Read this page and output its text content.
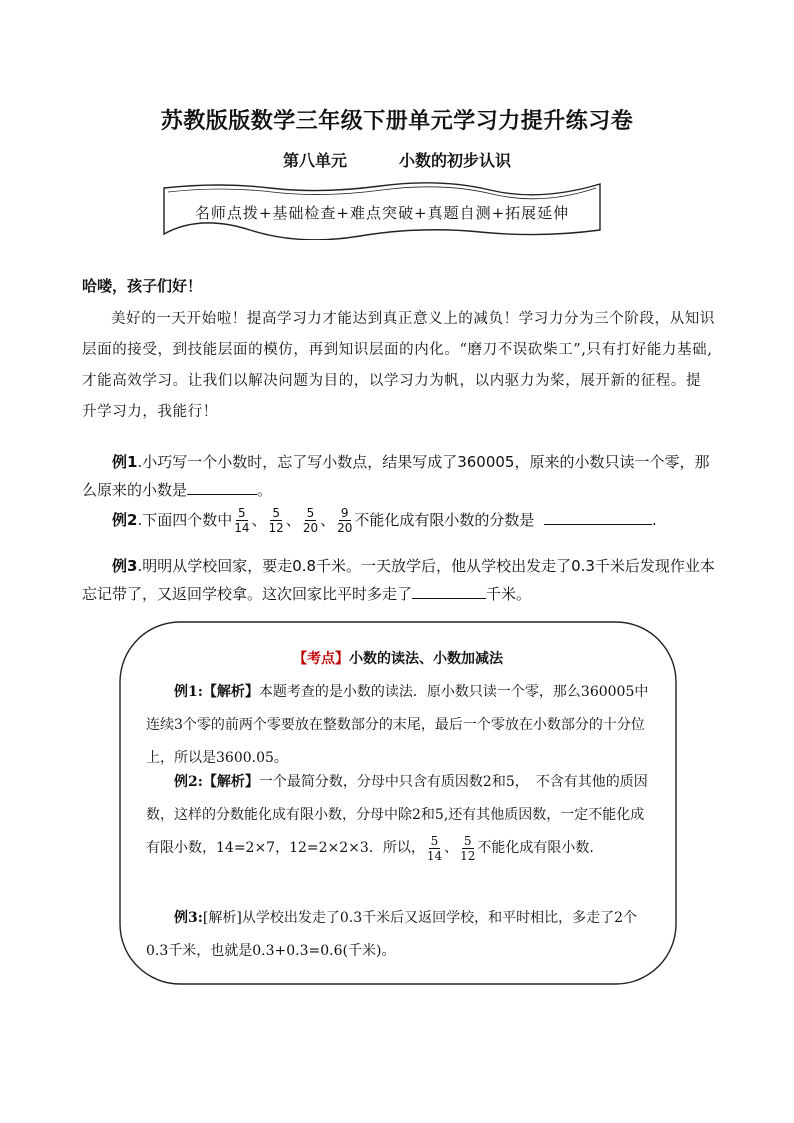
苏教版版数学三年级下册单元学习力提升练习卷
第八单元	小数的初步认识
名师点拨+基础检查+难点突破+真题自测+拓展延伸
哈喽，孩子们好！
美好的一天开始啦！提高学习力才能达到真正意义上的减负！学习力分为三个阶段，从知识层面的接受，到技能层面的模仿，再到知识层面的内化。“磨刀不误砍柴工”,只有打好能力基础,才能高效学习。让我们以解决问题为目的，以学习力为帆，以内驱力为桨，展开新的征程。提升学习力，我能行！
例1.小巧写一个小数时，忘了写小数点，结果写成了360005，原来的小数只读一个零，那么原来的小数是	。
例2.下面四个数中 $\frac{5}{14}$ 、 $\frac{5}{12}$ 、 $\frac{5}{20}$ 、 $\frac{9}{20}$ 不能化成有限小数的分数是	.
例3.明明从学校回家，要走0.8千米。一天放学后，他从学校出发走了0.3千米后发现作业本忘记带了，又返回学校拿。这次回家比平时多走了	千米。
【考点】小数的读法、小数加减法
例1:【解析】本题考查的是小数的读法．原小数只读一个零，那么360005中连续3个零的前两个零要放在整数部分的末尾，最后一个零放在小数部分的十分位上，所以是3600.05。
例2:【解析】一个最简分数，分母中只含有质因数2和5，　不含有其他的质因数，这样的分数能化成有限小数，分母中除2和5,还有其他质因数，一定不能化成有限小数，14=2×7，12=2×2×3．所以， $\frac{5}{14}$ 、 $\frac{5}{12}$ 不能化成有限小数．
例3:[解析]从学校出发走了0.3千米后又返回学校，和平时相比，多走了2个0.3千米，也就是0.3+0.3=0.6(千米)。
